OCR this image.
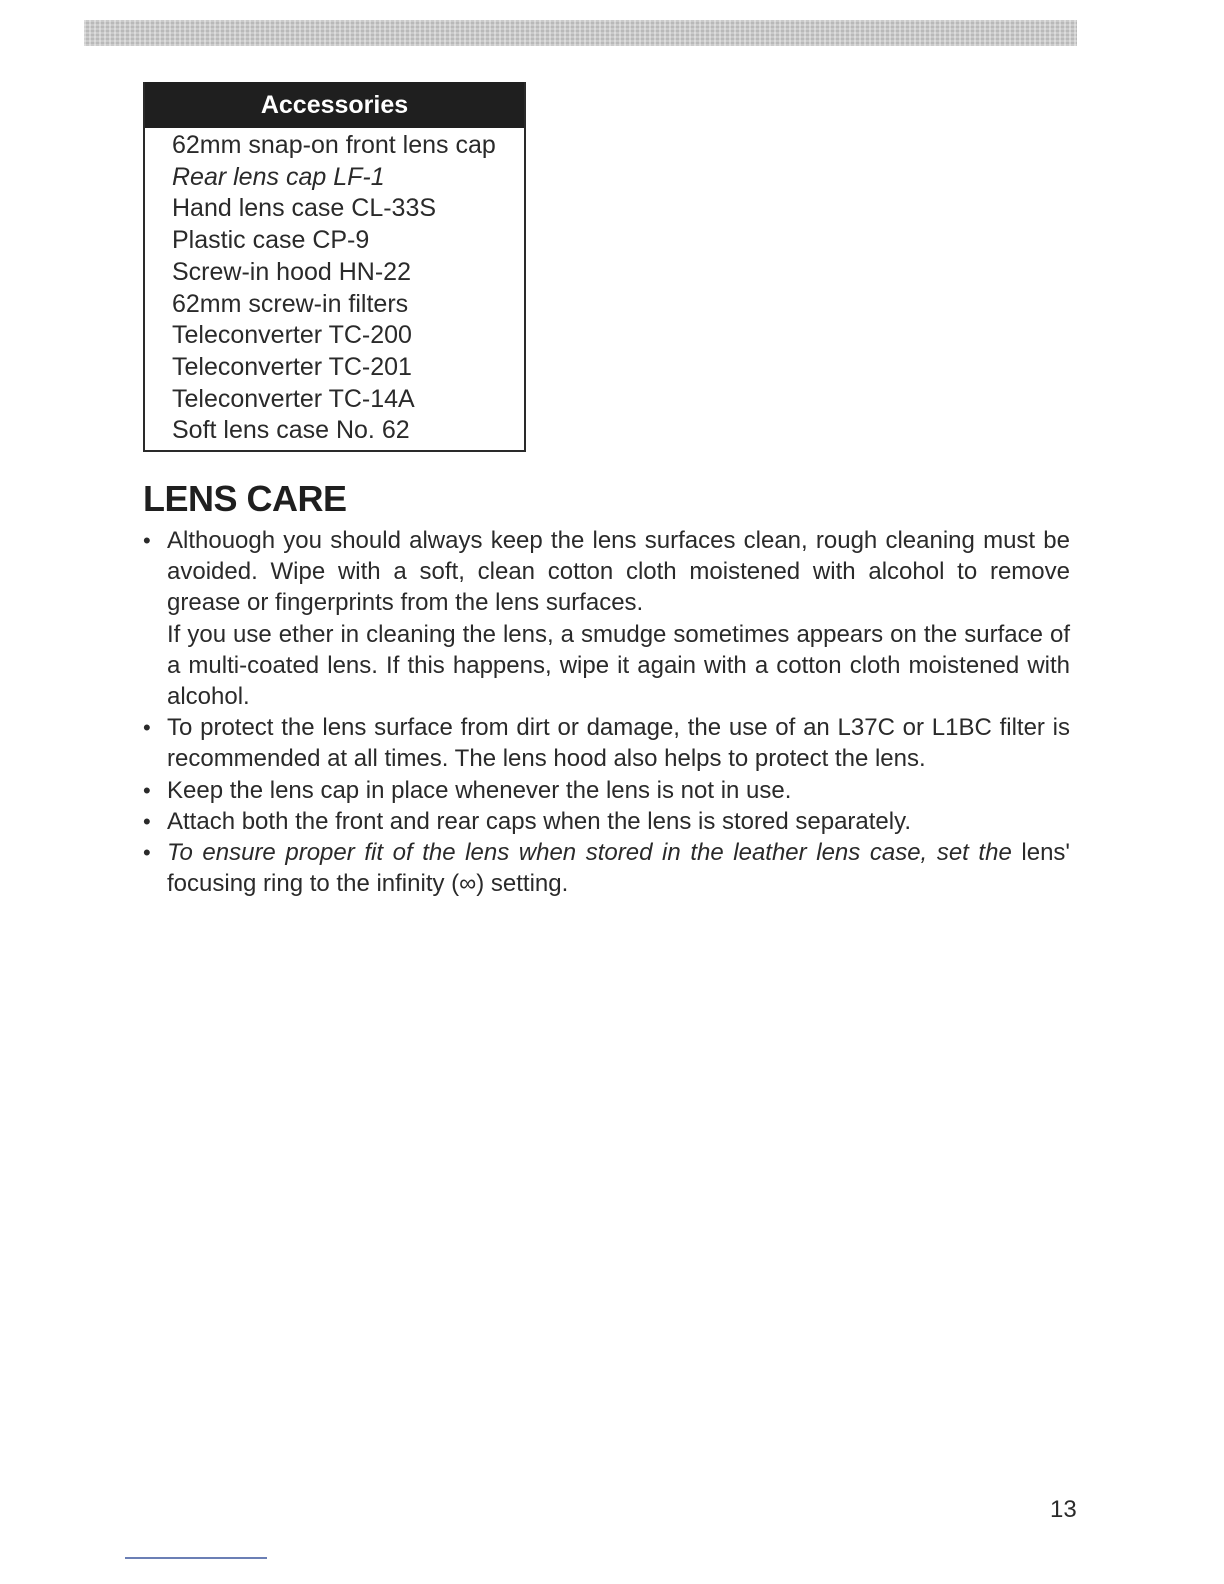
Accessories
62mm snap-on front lens cap
Rear lens cap LF-1
Hand lens case CL-33S
Plastic case CP-9
Screw-in hood HN-22
62mm screw-in filters
Teleconverter TC-200
Teleconverter TC-201
Teleconverter TC-14A
Soft lens case No. 62
LENS CARE
• Althouogh you should always keep the lens surfaces clean, rough cleaning must be avoided. Wipe with a soft, clean cotton cloth moistened with alcohol to remove grease or fingerprints from the lens surfaces.

If you use ether in cleaning the lens, a smudge sometimes appears on the surface of a multi-coated lens. If this happens, wipe it again with a cotton cloth moistened with alcohol.

• To protect the lens surface from dirt or damage, the use of an L37C or L1BC filter is recommended at all times. The lens hood also helps to protect the lens.

• Keep the lens cap in place whenever the lens is not in use.

• Attach both the front and rear caps when the lens is stored separately.

• To ensure proper fit of the lens when stored in the leather lens case, set the lens' focusing ring to the infinity (∞) setting.

13
